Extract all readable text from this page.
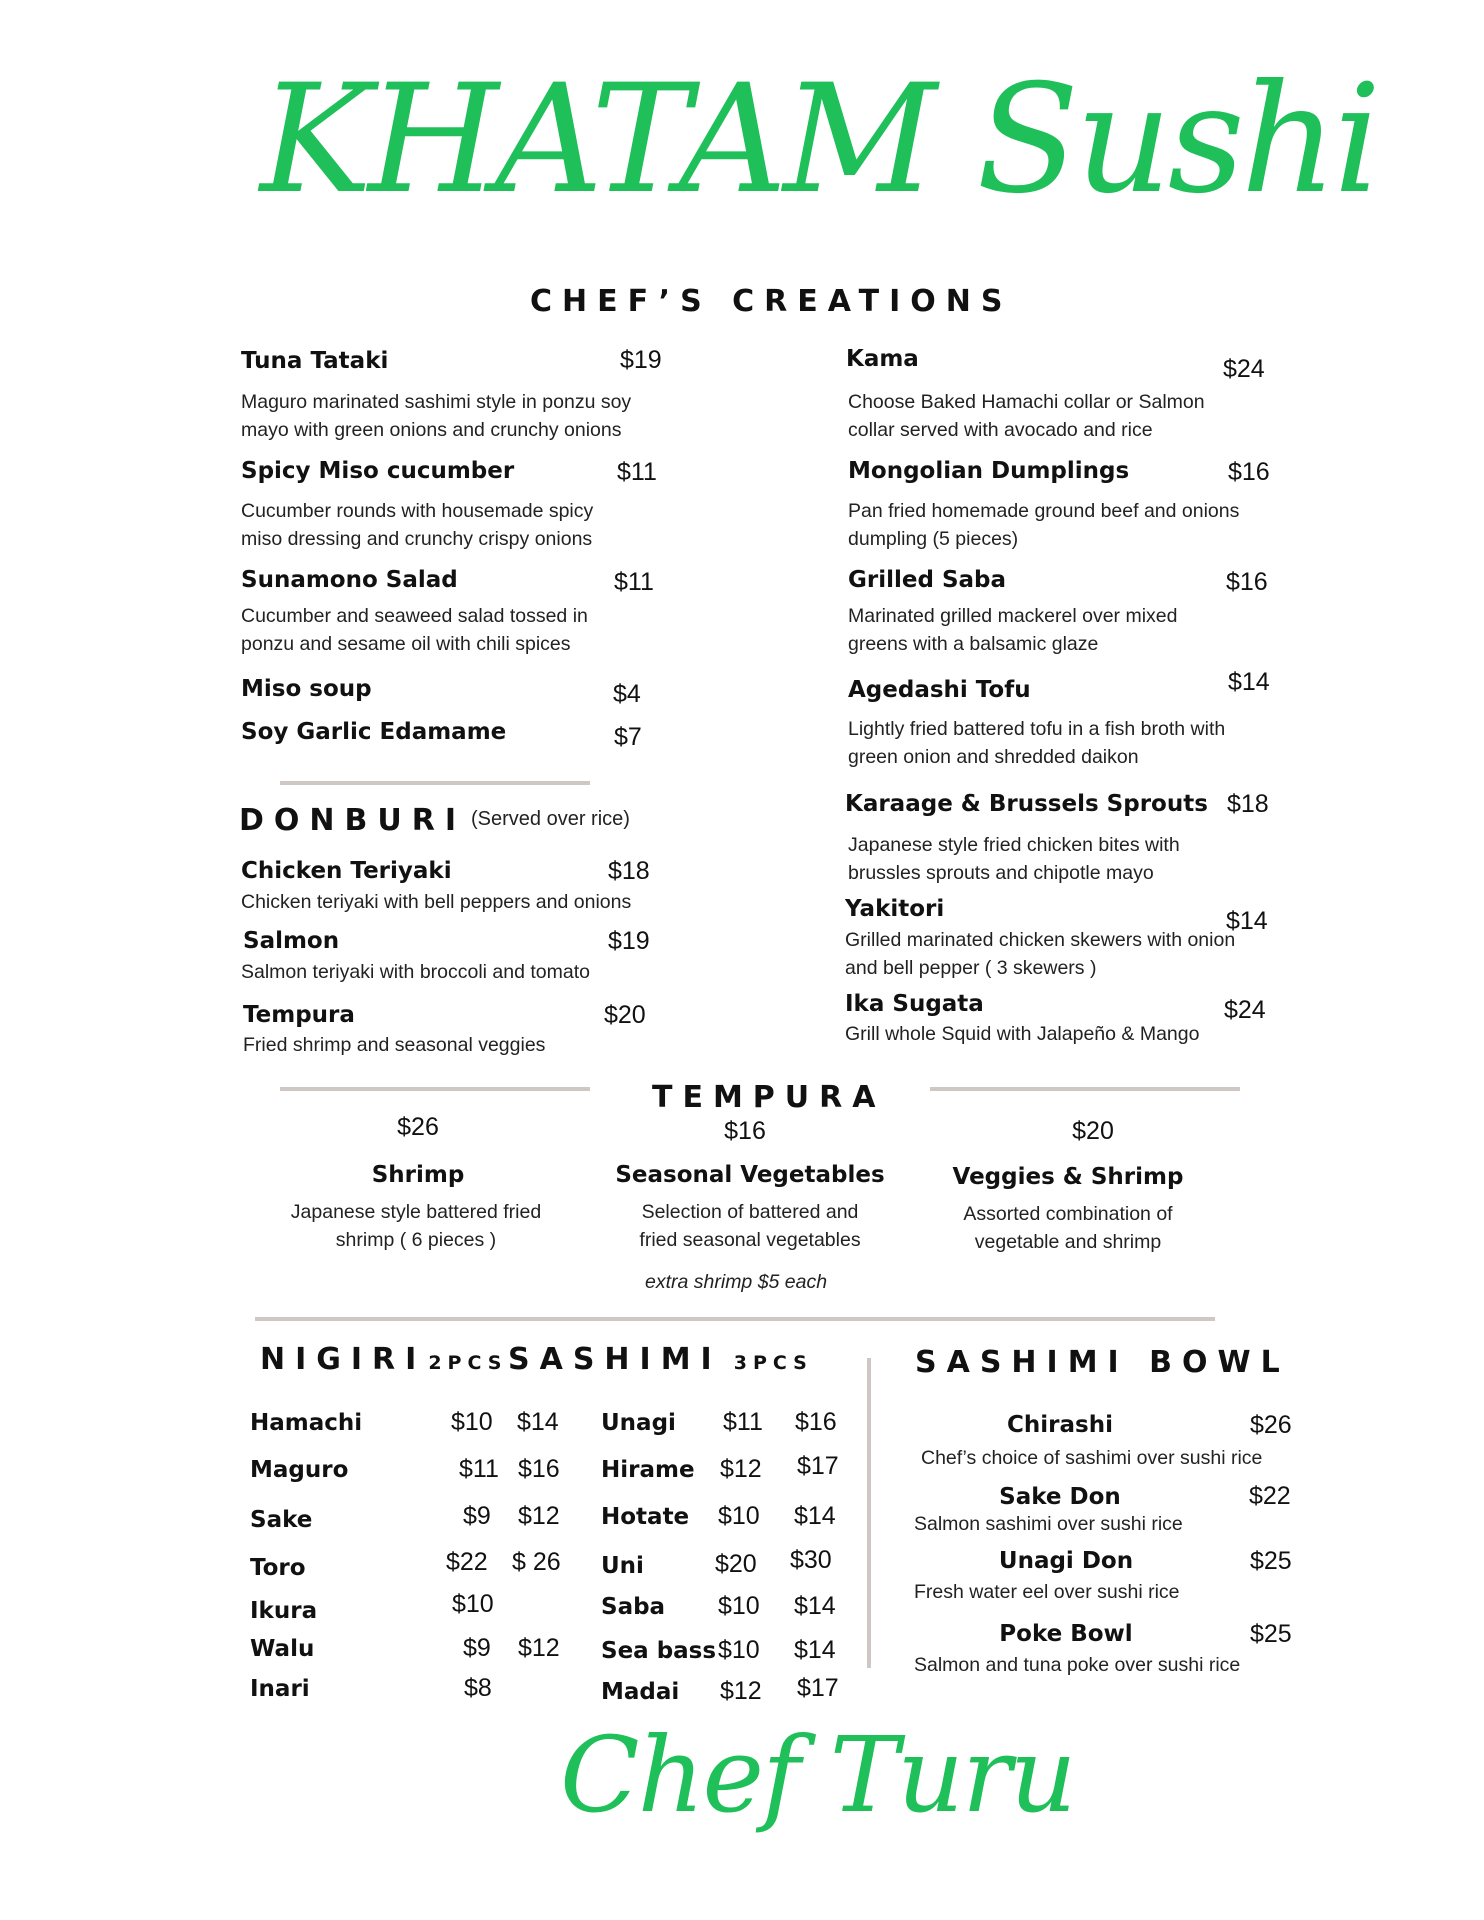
KHATAM Sushi
CHEF’S CREATIONS
Tuna Tataki	$19
Maguro marinated sashimi style in ponzu soy
mayo with green onions and crunchy onions
Spicy Miso cucumber	$11
Cucumber rounds with housemade spicy
miso dressing and crunchy crispy onions
Sunamono Salad	$11
Cucumber and seaweed salad tossed in
ponzu and sesame oil with chili spices
Miso soup	$4
Soy Garlic Edamame	$7
Kama	$24
Choose Baked Hamachi collar or Salmon
collar served with avocado and rice
Mongolian Dumplings	$16
Pan fried homemade ground beef and onions
dumpling (5 pieces)
Grilled Saba	$16
Marinated grilled mackerel over mixed
greens with a balsamic glaze
Agedashi Tofu	$14
Lightly fried battered tofu in a fish broth with
green onion and shredded daikon
Karaage & Brussels Sprouts $18
Japanese style fried chicken bites with
brussles sprouts and chipotle mayo
Yakitori	$14
Grilled marinated chicken skewers with onion
and bell pepper ( 3 skewers )
Ika Sugata	$24
Grill whole Squid with Jalapeño & Mango
DONBURI (Served over rice)
Chicken Teriyaki	$18
Chicken teriyaki with bell peppers and onions
Salmon	$19
Salmon teriyaki with broccoli and tomato
Tempura	$20
Fried shrimp and seasonal veggies
TEMPURA
$26
Shrimp
Japanese style battered fried
shrimp ( 6 pieces )
$16
Seasonal Vegetables
Selection of battered and
fried seasonal vegetables
$20
Veggies & Shrimp
Assorted combination of
vegetable and shrimp
extra shrimp $5 each
NIGIRI 2PCS SASHIMI 3PCS
Hamachi	$10 $14
Maguro	$11 $16
Sake	$9 $12
Toro	$22 $ 26
Ikura	$10
Walu	$9 $12
Inari	$8
Unagi $11 $16
Hirame $12 $17
Hotate $10 $14
Uni	$20 $30
Saba $10 $14
Sea bass $10 $14
Madai $12 $17
SASHIMI BOWL
Chirashi	$26
Chef’s choice of sashimi over sushi rice
Sake Don	$22
Salmon sashimi over sushi rice
Unagi Don	$25
Fresh water eel over sushi rice
Poke Bowl	$25
Salmon and tuna poke over sushi rice
Chef Turu
